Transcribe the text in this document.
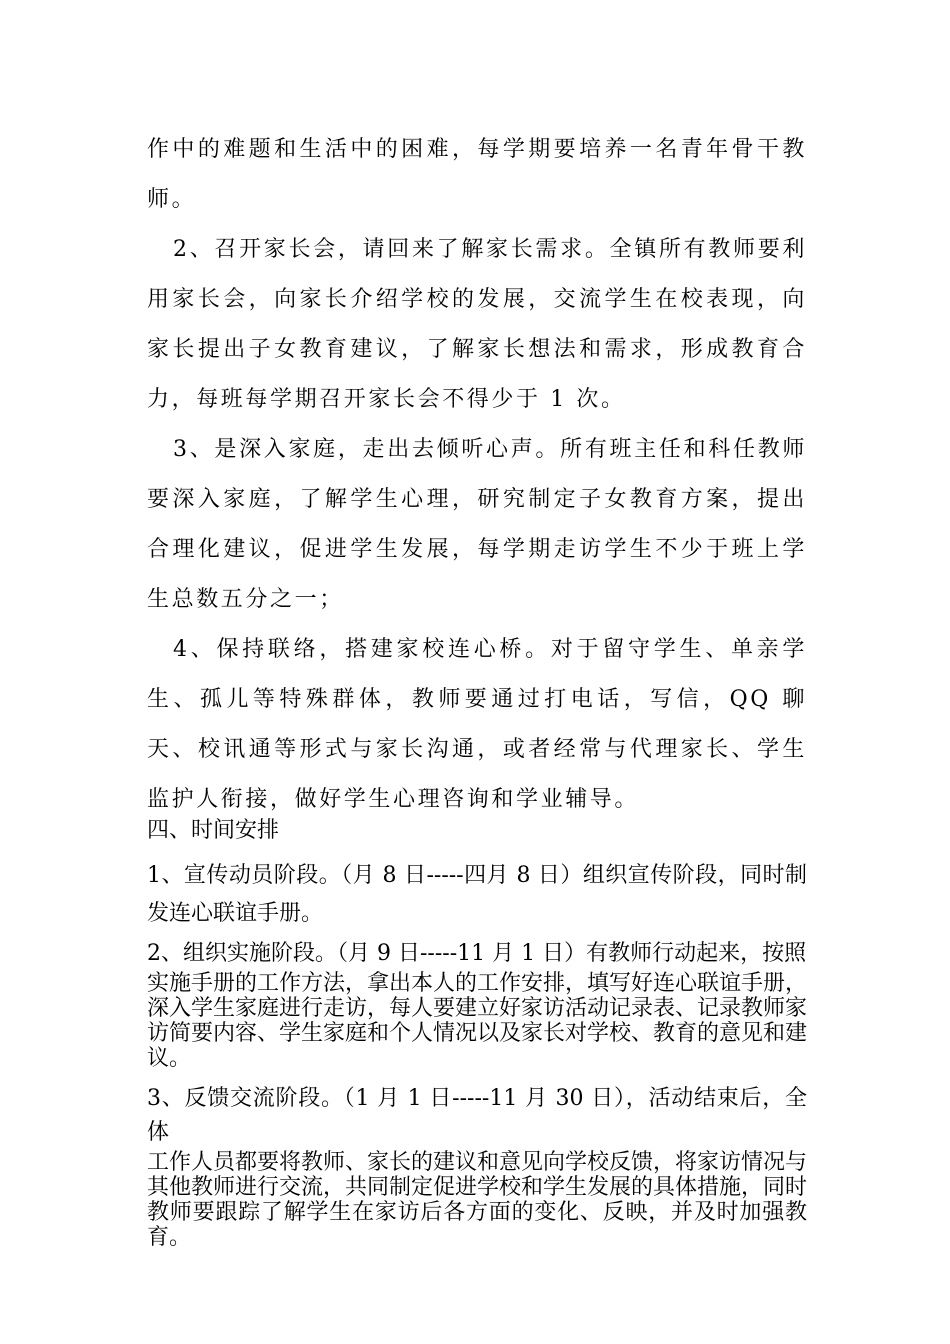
作中的难题和生活中的困难，每学期要培养一名青年骨干教师。

2、召开家长会，请回来了解家长需求。全镇所有教师要利用家长会，向家长介绍学校的发展，交流学生在校表现，向家长提出子女教育建议，了解家长想法和需求，形成教育合力，每班每学期召开家长会不得少于 1 次。

3、是深入家庭，走出去倾听心声。所有班主任和科任教师要深入家庭，了解学生心理，研究制定子女教育方案，提出合理化建议，促进学生发展，每学期走访学生不少于班上学生总数五分之一；

4、保持联络，搭建家校连心桥。对于留守学生、单亲学生、孤儿等特殊群体，教师要通过打电话，写信，QQ 聊天、校讯通等形式与家长沟通，或者经常与代理家长、学生监护人衔接，做好学生心理咨询和学业辅导。

四、时间安排

1、宣传动员阶段。（月 8 日-----四月 8 日）组织宣传阶段，同时制发连心联谊手册。

2、组织实施阶段。（月 9 日-----11 月 1 日）有教师行动起来，按照
实施手册的工作方法，拿出本人的工作安排，填写好连心联谊手册，深入学生家庭进行走访，每人要建立好家访活动记录表、记录教师家访简要内容、学生家庭和个人情况以及家长对学校、教育的意见和建议。

3、反馈交流阶段。（1 月 1 日-----11 月 30 日），活动结束后，全体
工作人员都要将教师、家长的建议和意见向学校反馈，将家访情况与其他教师进行交流，共同制定促进学校和学生发展的具体措施，同时教师要跟踪了解学生在家访后各方面的变化、反映，并及时加强教育。
